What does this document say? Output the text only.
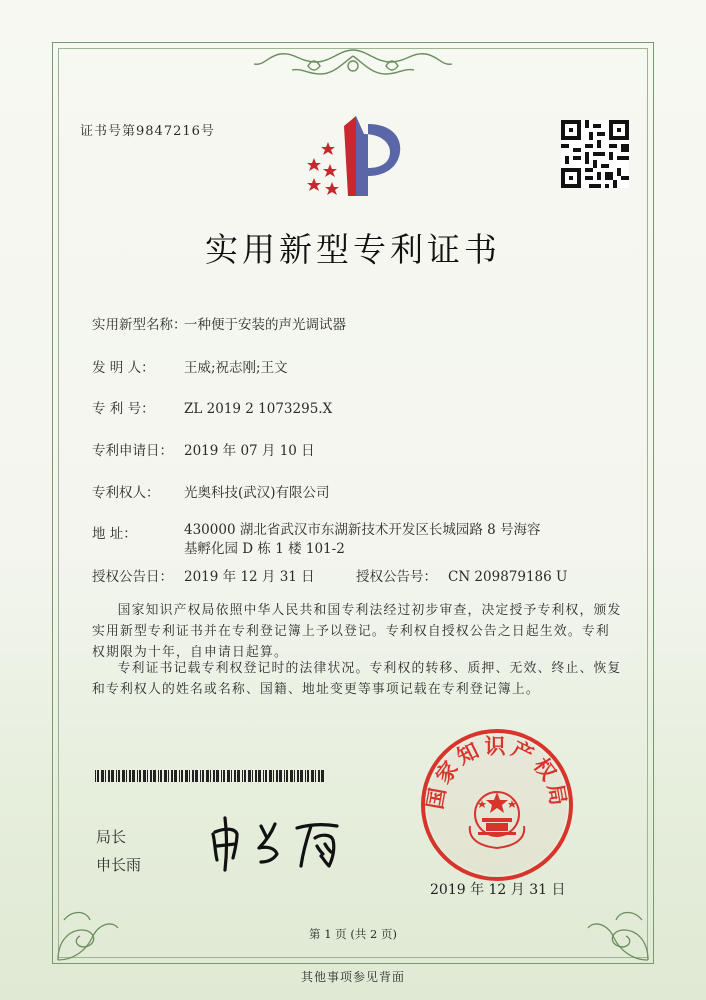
证书号第9847216号
实用新型专利证书
实用新型名称：一种便于安装的声光调试器
发 明 人： 王威;祝志刚;王文
专 利 号： ZL 2019 2 1073295.X
专利申请日： 2019 年 07 月 10 日
专利权人： 光奥科技(武汉)有限公司
地 址：	430000 湖北省武汉市东湖新技术开发区长城园路 8 号海容基孵化园 D 栋 1 楼 101-2
授权公告日： 2019 年 12 月 31 日	授权公告号： CN 209879186 U
国家知识产权局依照中华人民共和国专利法经过初步审查，决定授予专利权，颁发实用新型专利证书并在专利登记簿上予以登记。专利权自授权公告之日起生效。专利权期限为十年，自申请日起算。
专利证书记载专利权登记时的法律状况。专利权的转移、质押、无效、终止、恢复和专利权人的姓名或名称、国籍、地址变更等事项记载在专利登记簿上。
局长
申长雨
国家知识产权局
2019 年 12 月 31 日
第 1 页 (共 2 页)
其他事项参见背面
